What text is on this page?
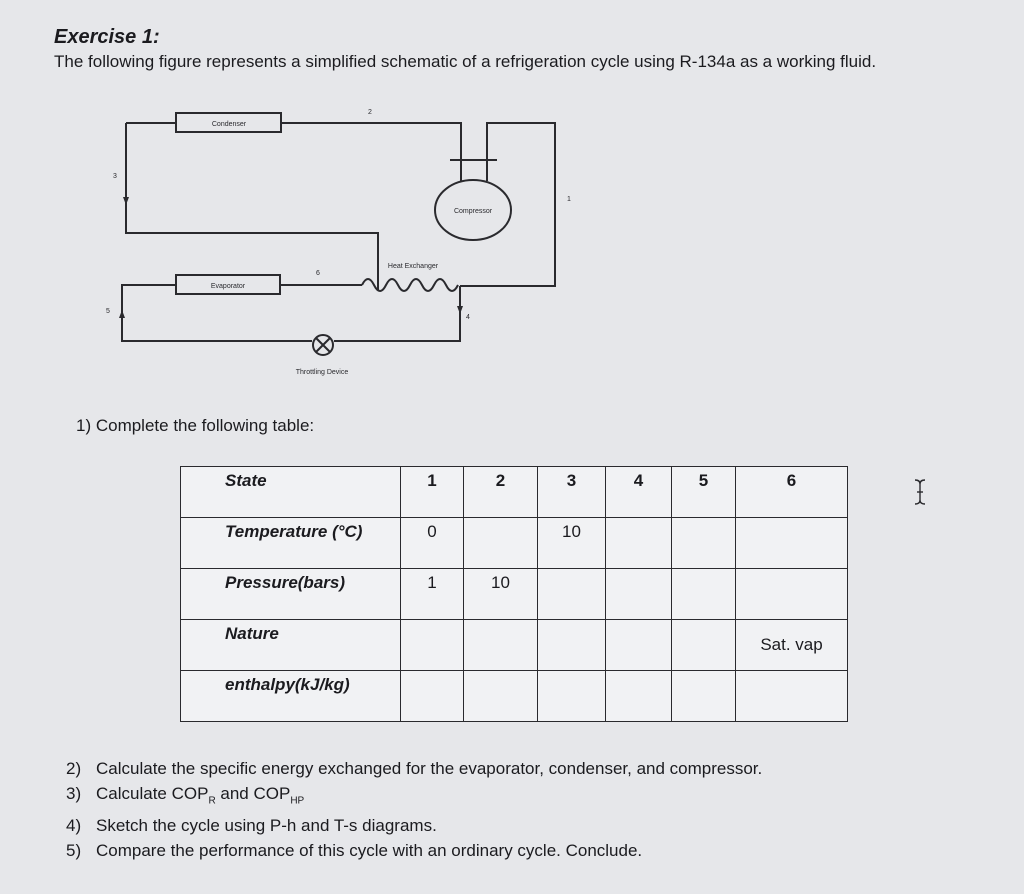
Exercise 1:
The following figure represents a simplified schematic of a refrigeration cycle using R-134a as a working fluid.
Condenser
Compressor
Heat Exchanger
Evaporator
Throttling Device
1
2
3
4
5
6
1) Complete the following table:
State	1	2	3	4	5	6
Temperature (°C)	0		10			
Pressure(bars)	1	10				
Nature						Sat. vap
enthalpy(kJ/kg)						
2) Calculate the specific energy exchanged for the evaporator, condenser, and compressor.
3) Calculate $COP_R$ and $COP_{HP}$
4) Sketch the cycle using P-h and T-s diagrams.
5) Compare the performance of this cycle with an ordinary cycle. Conclude.
